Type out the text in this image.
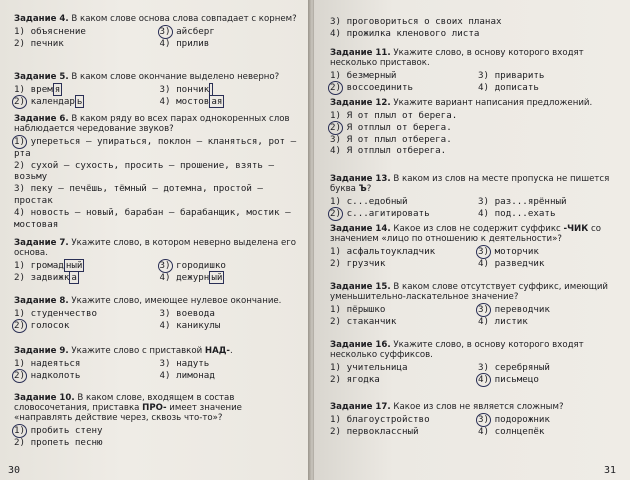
Задание 4. В каком слове основа слова совпадает с корнем?

1) объяснение	3) айсберг
2) печник	4) прилив

Задание 5. В каком слове окончание выделено неверно?

1) врем я	3) пончик
2) календар ь	4) мостов ая

Задание 6. В каком ряду во всех парах однокоренных слов наблюдается чередование звуков?

1) упереться — упираться, поклон — кланяться, рот — рта
2) сухой — сухость, просить — прошение, взять — возьму
3) пеку — печёшь, тёмный — дотемна, простой — простак
4) новость — новый, барабан — барабанщик, мостик — мостовая

Задание 7. Укажите слово, в котором неверно выделена его основа.

1) громад ный	3) городишко
2) задвижк а	4) дежурн ый

Задание 8. Укажите слово, имеющее нулевое окончание.

1) студенчество	3) воевода
2) голосок	4) каникулы

Задание 9. Укажите слово с приставкой НАД-.

1) надеяться	3) надуть
2) надколоть	4) лимонад

Задание 10. В каком слове, входящем в состав словосочетания, приставка ПРО- имеет значение «направлять действие через, сквозь что-то»?

1) пробить стену
2) пропеть песню
30
3) проговориться о своих планах
4) прожилка кленового листа

Задание 11. Укажите слово, в основу которого входят несколько приставок.

1) безмерный	3) приварить
2) воссоединить	4) дописать

Задание 12. Укажите вариант написания предложений.

1) Я от плыл от берега.
2) Я отплыл от берега.
3) Я от плыл отберега.
4) Я отплыл отберега.

Задание 13. В каком из слов на месте пропуска не пишется буква Ъ?

1) с...едобный	3) раз...ярённый
2) с...агитировать	4) под...ехать

Задание 14. Какое из слов не содержит суффикс -ЧИК со значением «лицо по отношению к деятельности»?

1) асфальтоукладчик	3) моторчик
2) грузчик	4) разведчик

Задание 15. В каком слове отсутствует суффикс, имеющий уменьшительно-ласкательное значение?

1) пёрышко	3) переводчик
2) стаканчик	4) листик

Задание 16. Укажите слово, в основу которого входят несколько суффиксов.

1) учительница	3) серебряный
2) ягодка	4) письмецо

Задание 17. Какое из слов не является сложным?

1) благоустройство	3) подорожник
2) первоклассный	4) солнцепёк
31
